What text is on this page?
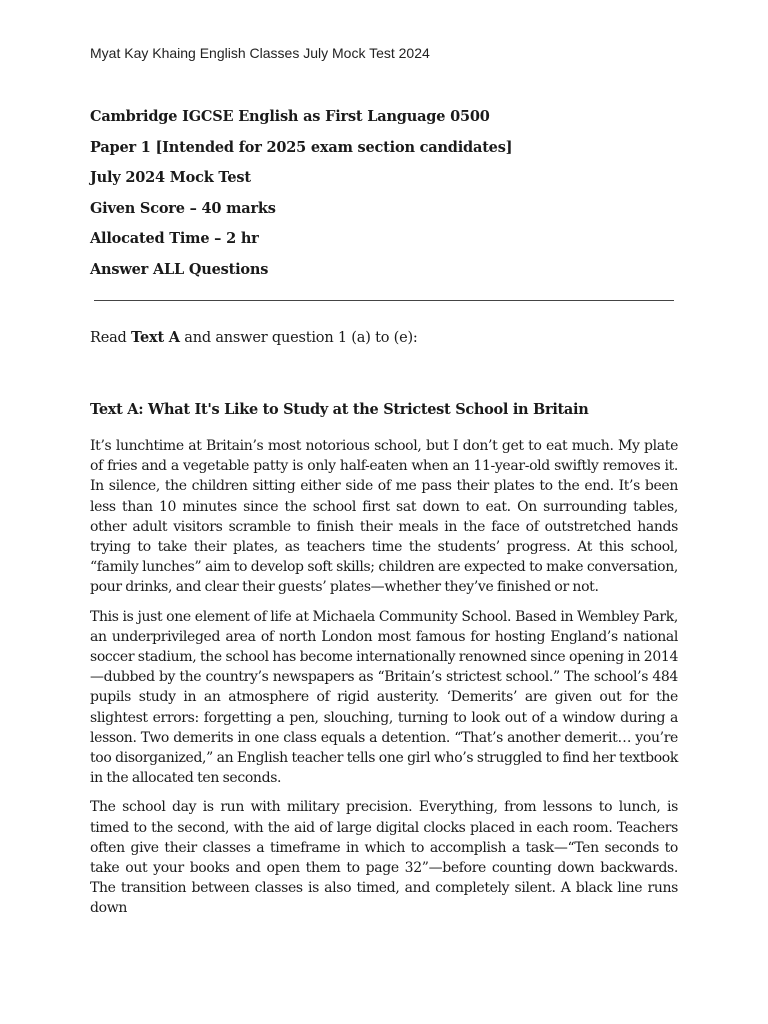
Myat Kay Khaing English Classes July Mock Test 2024
Cambridge IGCSE English as First Language 0500
Paper 1 [Intended for 2025 exam section candidates]
July 2024 Mock Test
Given Score – 40 marks
Allocated Time – 2 hr
Answer ALL Questions
Read Text A and answer question 1 (a) to (e):
Text A: What It's Like to Study at the Strictest School in Britain

It’s lunchtime at Britain’s most notorious school, but I don’t get to eat much. My plate of fries and a vegetable patty is only half-eaten when an 11-year-old swiftly removes it. In silence, the children sitting either side of me pass their plates to the end. It’s been less than 10 minutes since the school first sat down to eat. On surrounding tables, other adult visitors scramble to finish their meals in the face of outstretched hands trying to take their plates, as teachers time the students’ progress. At this school, “family lunches” aim to develop soft skills; children are expected to make conversation, pour drinks, and clear their guests’ plates—whether they’ve finished or not.

This is just one element of life at Michaela Community School. Based in Wembley Park, an underprivileged area of north London most famous for hosting England’s national soccer stadium, the school has become internationally renowned since opening in 2014—dubbed by the country’s newspapers as “Britain’s strictest school.” The school’s 484 pupils study in an atmosphere of rigid austerity. ‘Demerits’ are given out for the slightest errors: forgetting a pen, slouching, turning to look out of a window during a lesson. Two demerits in one class equals a detention. “That’s another demerit… you’re too disorganized,” an English teacher tells one girl who’s struggled to find her textbook in the allocated ten seconds.

The school day is run with military precision. Everything, from lessons to lunch, is timed to the second, with the aid of large digital clocks placed in each room. Teachers often give their classes a timeframe in which to accomplish a task—“Ten seconds to take out your books and open them to page 32”—before counting down backwards. The transition between classes is also timed, and completely silent. A black line runs down
